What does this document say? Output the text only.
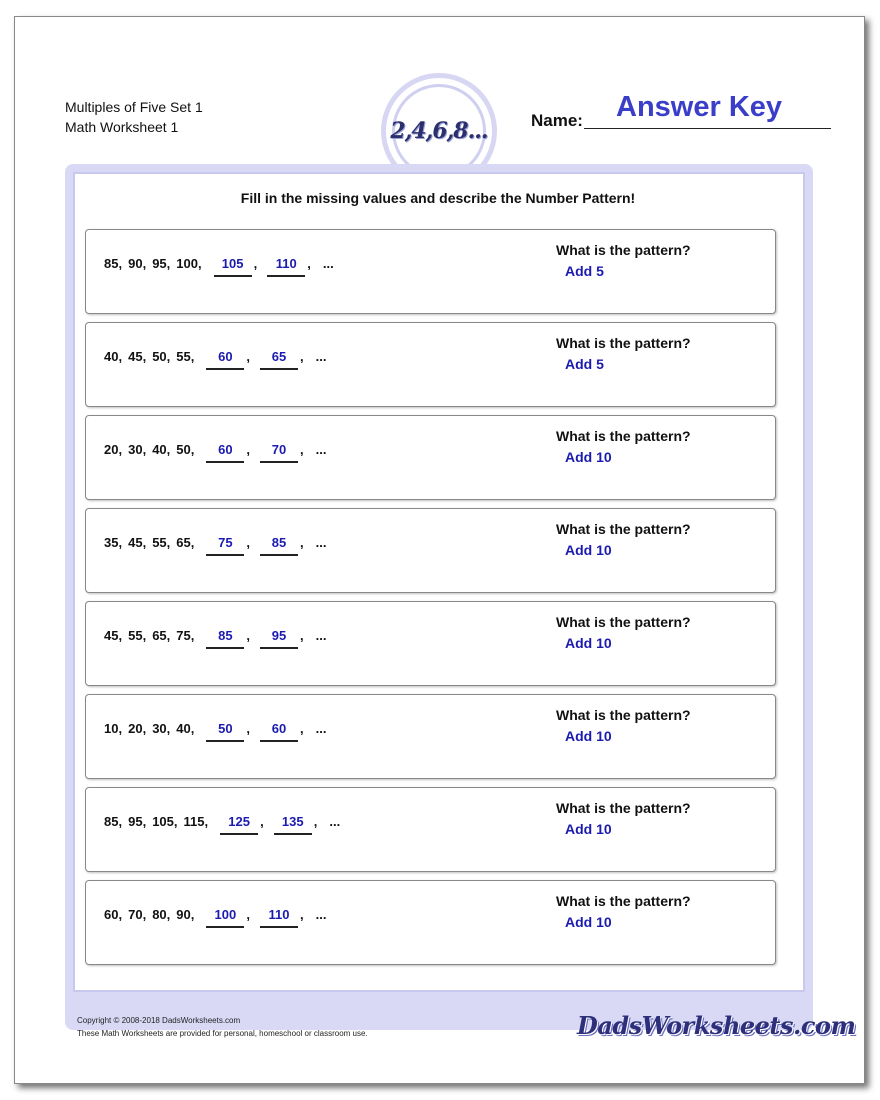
Multiples of Five Set 1
Math Worksheet 1	2,4,6,8...
Answer Key
Name:
Fill in the missing values and describe the Number Pattern!
85 , 90 , 95 , 100 ,	105 ,	110 , ...
What is the pattern?
Add 5
40 , 45 , 50 , 55 ,	60	,	65	, ...
What is the pattern?
Add 5
20 , 30 , 40 , 50 ,	60	,	70	, ...
What is the pattern?
Add 10
35 , 45 , 55 , 65 ,	75	,	85	, ...
What is the pattern?
Add 10
45 , 55 , 65 , 75 ,	85	,	95	, ...
What is the pattern?
Add 10
10 , 20 , 30 , 40 ,	50	,	60	, ...
What is the pattern?
Add 10
85 , 95 , 105 , 115 ,	125 ,	135 , ...
What is the pattern?
Add 10
60 , 70 , 80 , 90 ,	100 ,	110 , ...
What is the pattern?
Add 10
Copyright © 2008-2018 DadsWorksheets.com
These Math Worksheets are provided for personal, homeschool or classroom use.	DadsWorksheets.com
